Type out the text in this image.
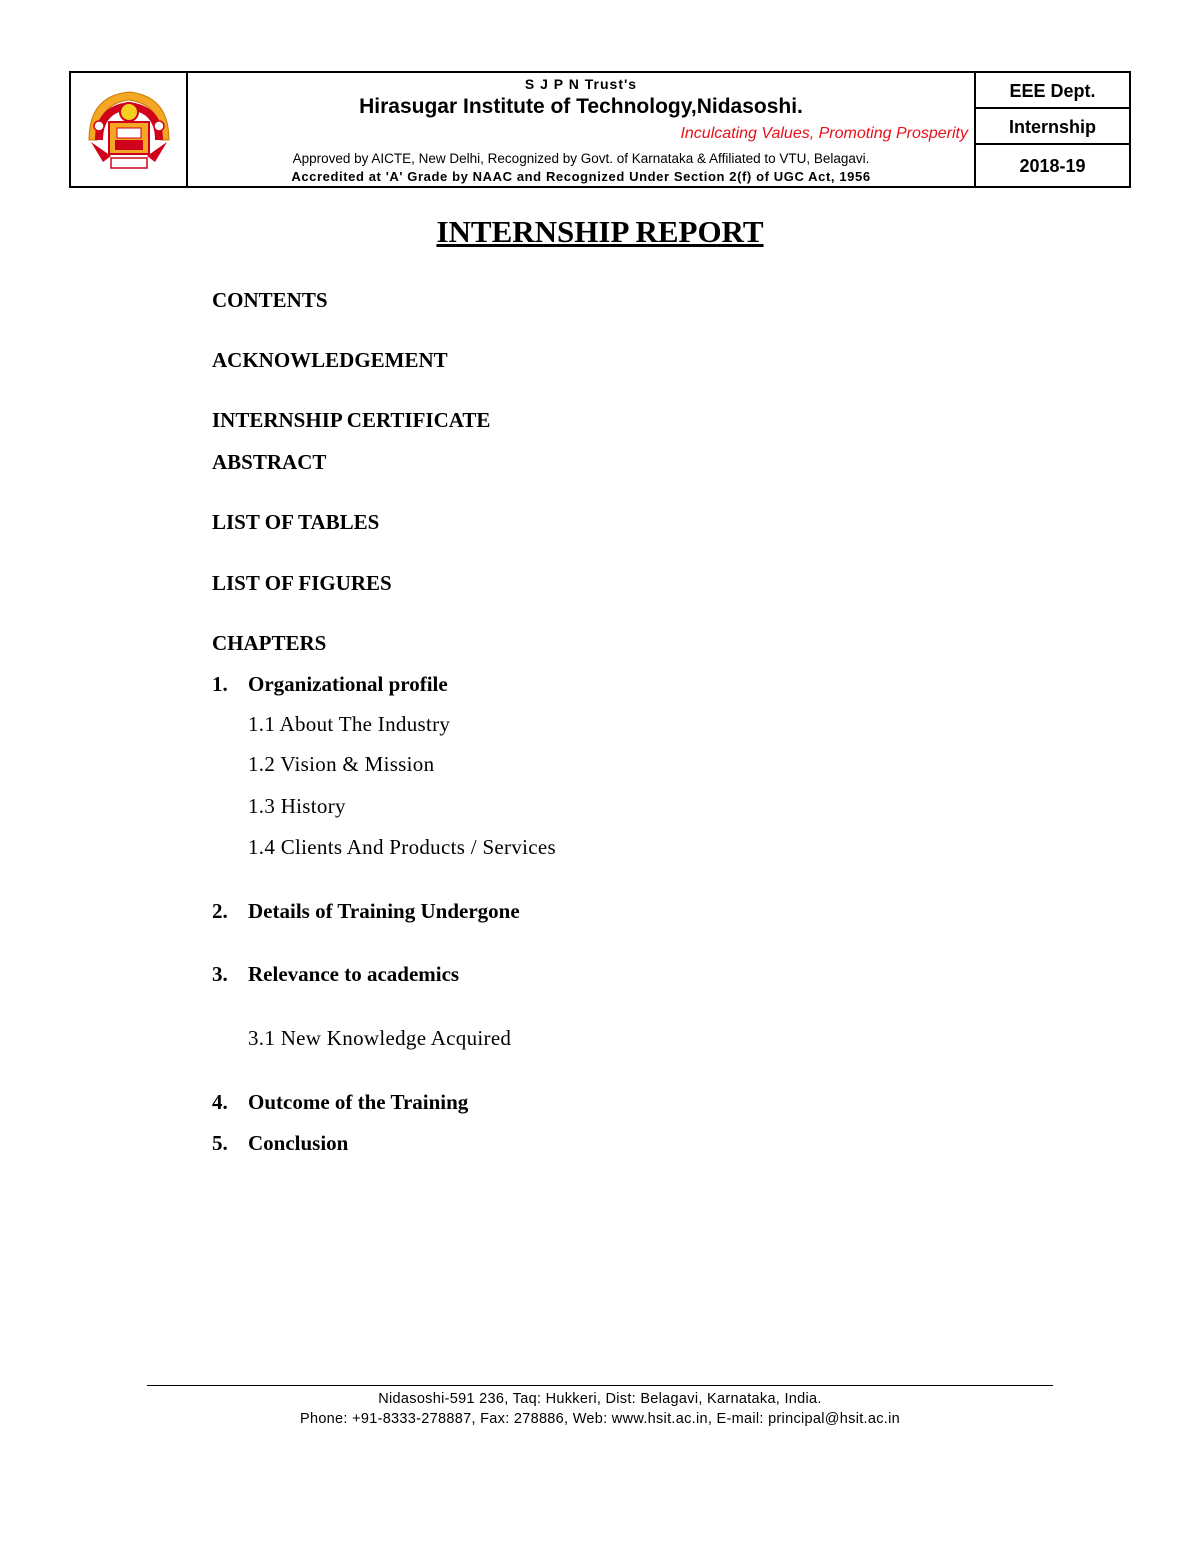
S J P N Trust's
Hirasugar Institute of Technology,Nidasoshi.
Inculcating Values, Promoting Prosperity
Approved by AICTE, New Delhi, Recognized by Govt. of Karnataka & Affiliated to VTU, Belagavi.
Accredited at 'A' Grade by NAAC and Recognized Under Section 2(f) of UGC Act, 1956
EEE Dept.
Internship
2018-19
INTERNSHIP REPORT
CONTENTS
ACKNOWLEDGEMENT
INTERNSHIP CERTIFICATE
ABSTRACT
LIST OF TABLES
LIST OF FIGURES
CHAPTERS
1. Organizational profile
1.1 About The Industry
1.2 Vision & Mission
1.3 History
1.4 Clients And Products / Services
2. Details of Training Undergone
3. Relevance to academics
3.1 New Knowledge Acquired
4. Outcome of the Training
5. Conclusion
Nidasoshi-591 236, Taq: Hukkeri, Dist: Belagavi, Karnataka, India.
Phone: +91-8333-278887, Fax: 278886, Web: www.hsit.ac.in, E-mail: principal@hsit.ac.in
